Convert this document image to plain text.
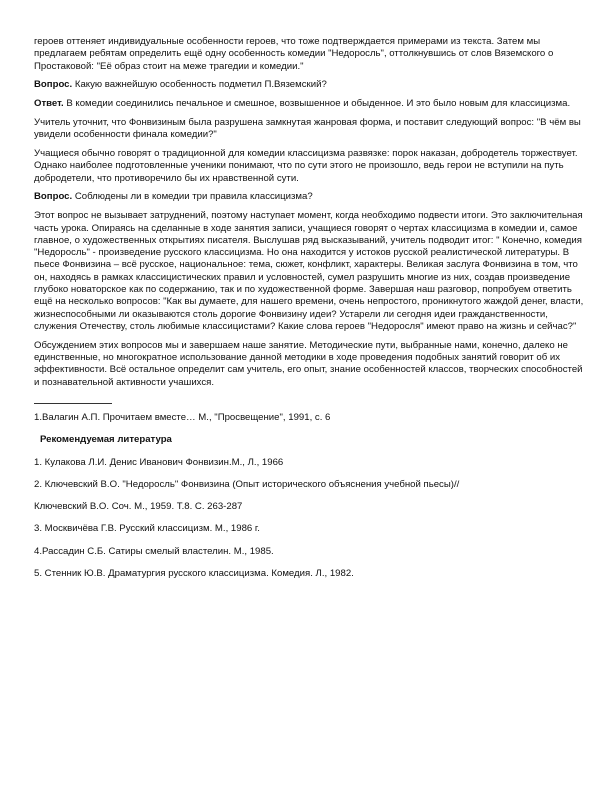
героев оттеняет индивидуальные особенности героев, что тоже подтверждается примерами из текста. Затем мы предлагаем ребятам определить ещё одну особенность комедии "Недоросль", оттолкнувшись от слов Вяземского о Простаковой: "Её образ стоит на меже трагедии и комедии."

Вопрос. Какую важнейшую особенность подметил П.Вяземский?

Ответ. В комедии соединились печальное и смешное, возвышенное и обыденное. И это было новым для классицизма.

Учитель уточнит, что Фонвизиным была разрушена замкнутая жанровая форма, и поставит следующий вопрос: "В чём вы увидели особенности финала комедии?"

Учащиеся обычно говорят о традиционной для комедии классицизма развязке: порок наказан, добродетель торжествует. Однако наиболее подготовленные ученики понимают, что по сути этого не произошло, ведь герои не вступили на путь добродетели, что противоречило бы их нравственной сути.

Вопрос. Соблюдены ли в комедии три правила классицизма?

Этот вопрос не вызывает затруднений, поэтому наступает момент, когда необходимо подвести итоги. Это заключительная часть урока. Опираясь на сделанные в ходе занятия записи, учащиеся говорят о чертах классицизма в комедии и, самое главное, о художественных открытиях писателя. Выслушав ряд высказываний, учитель подводит итог: " Конечно, комедия "Недоросль" - произведение русского классицизма. Но она находится у истоков русской реалистической литературы. В пьесе Фонвизина – всё русское, национальное: тема, сюжет, конфликт, характеры. Великая заслуга Фонвизина в том, что он, находясь в рамках классицистических правил и условностей, сумел разрушить многие из них, создав произведение глубоко новаторское как по содержанию, так и по художественной форме. Завершая наш разговор, попробуем ответить ещё на несколько вопросов: "Как вы думаете, для нашего времени, очень непростого, проникнутого жаждой денег, власти, жизнеспособными ли оказываются столь дорогие Фонвизину идеи? Устарели ли сегодня идеи гражданственности, служения Отечеству, столь любимые классицистами? Какие слова героев "Недоросля" имеют право на жизнь и сейчас?"

Обсуждением этих вопросов мы и завершаем наше занятие. Методические пути, выбранные нами, конечно, далеко не единственные, но многократное использование данной методики в ходе проведения подобных занятий говорит об их эффективности. Всё остальное определит сам учитель, его опыт, знание особенностей классов, творческих способностей и познавательной активности учашихся.

1.Валагин А.П. Прочитаем вместе… М., "Просвещение", 1991, с. 6

Рекомендуемая литература

1. Кулакова Л.И. Денис Иванович Фонвизин.М., Л., 1966

2. Ключевский В.О. "Недоросль" Фонвизина (Опыт исторического объяснения учебной пьесы)//

Ключевский В.О. Соч. М., 1959. Т.8. С. 263-287

3. Москвичёва Г.В. Русский классицизм. М., 1986 г.

4.Рассадин С.Б. Сатиры смелый властелин. М., 1985.

5. Стенник Ю.В. Драматургия русского классицизма. Комедия. Л., 1982.
